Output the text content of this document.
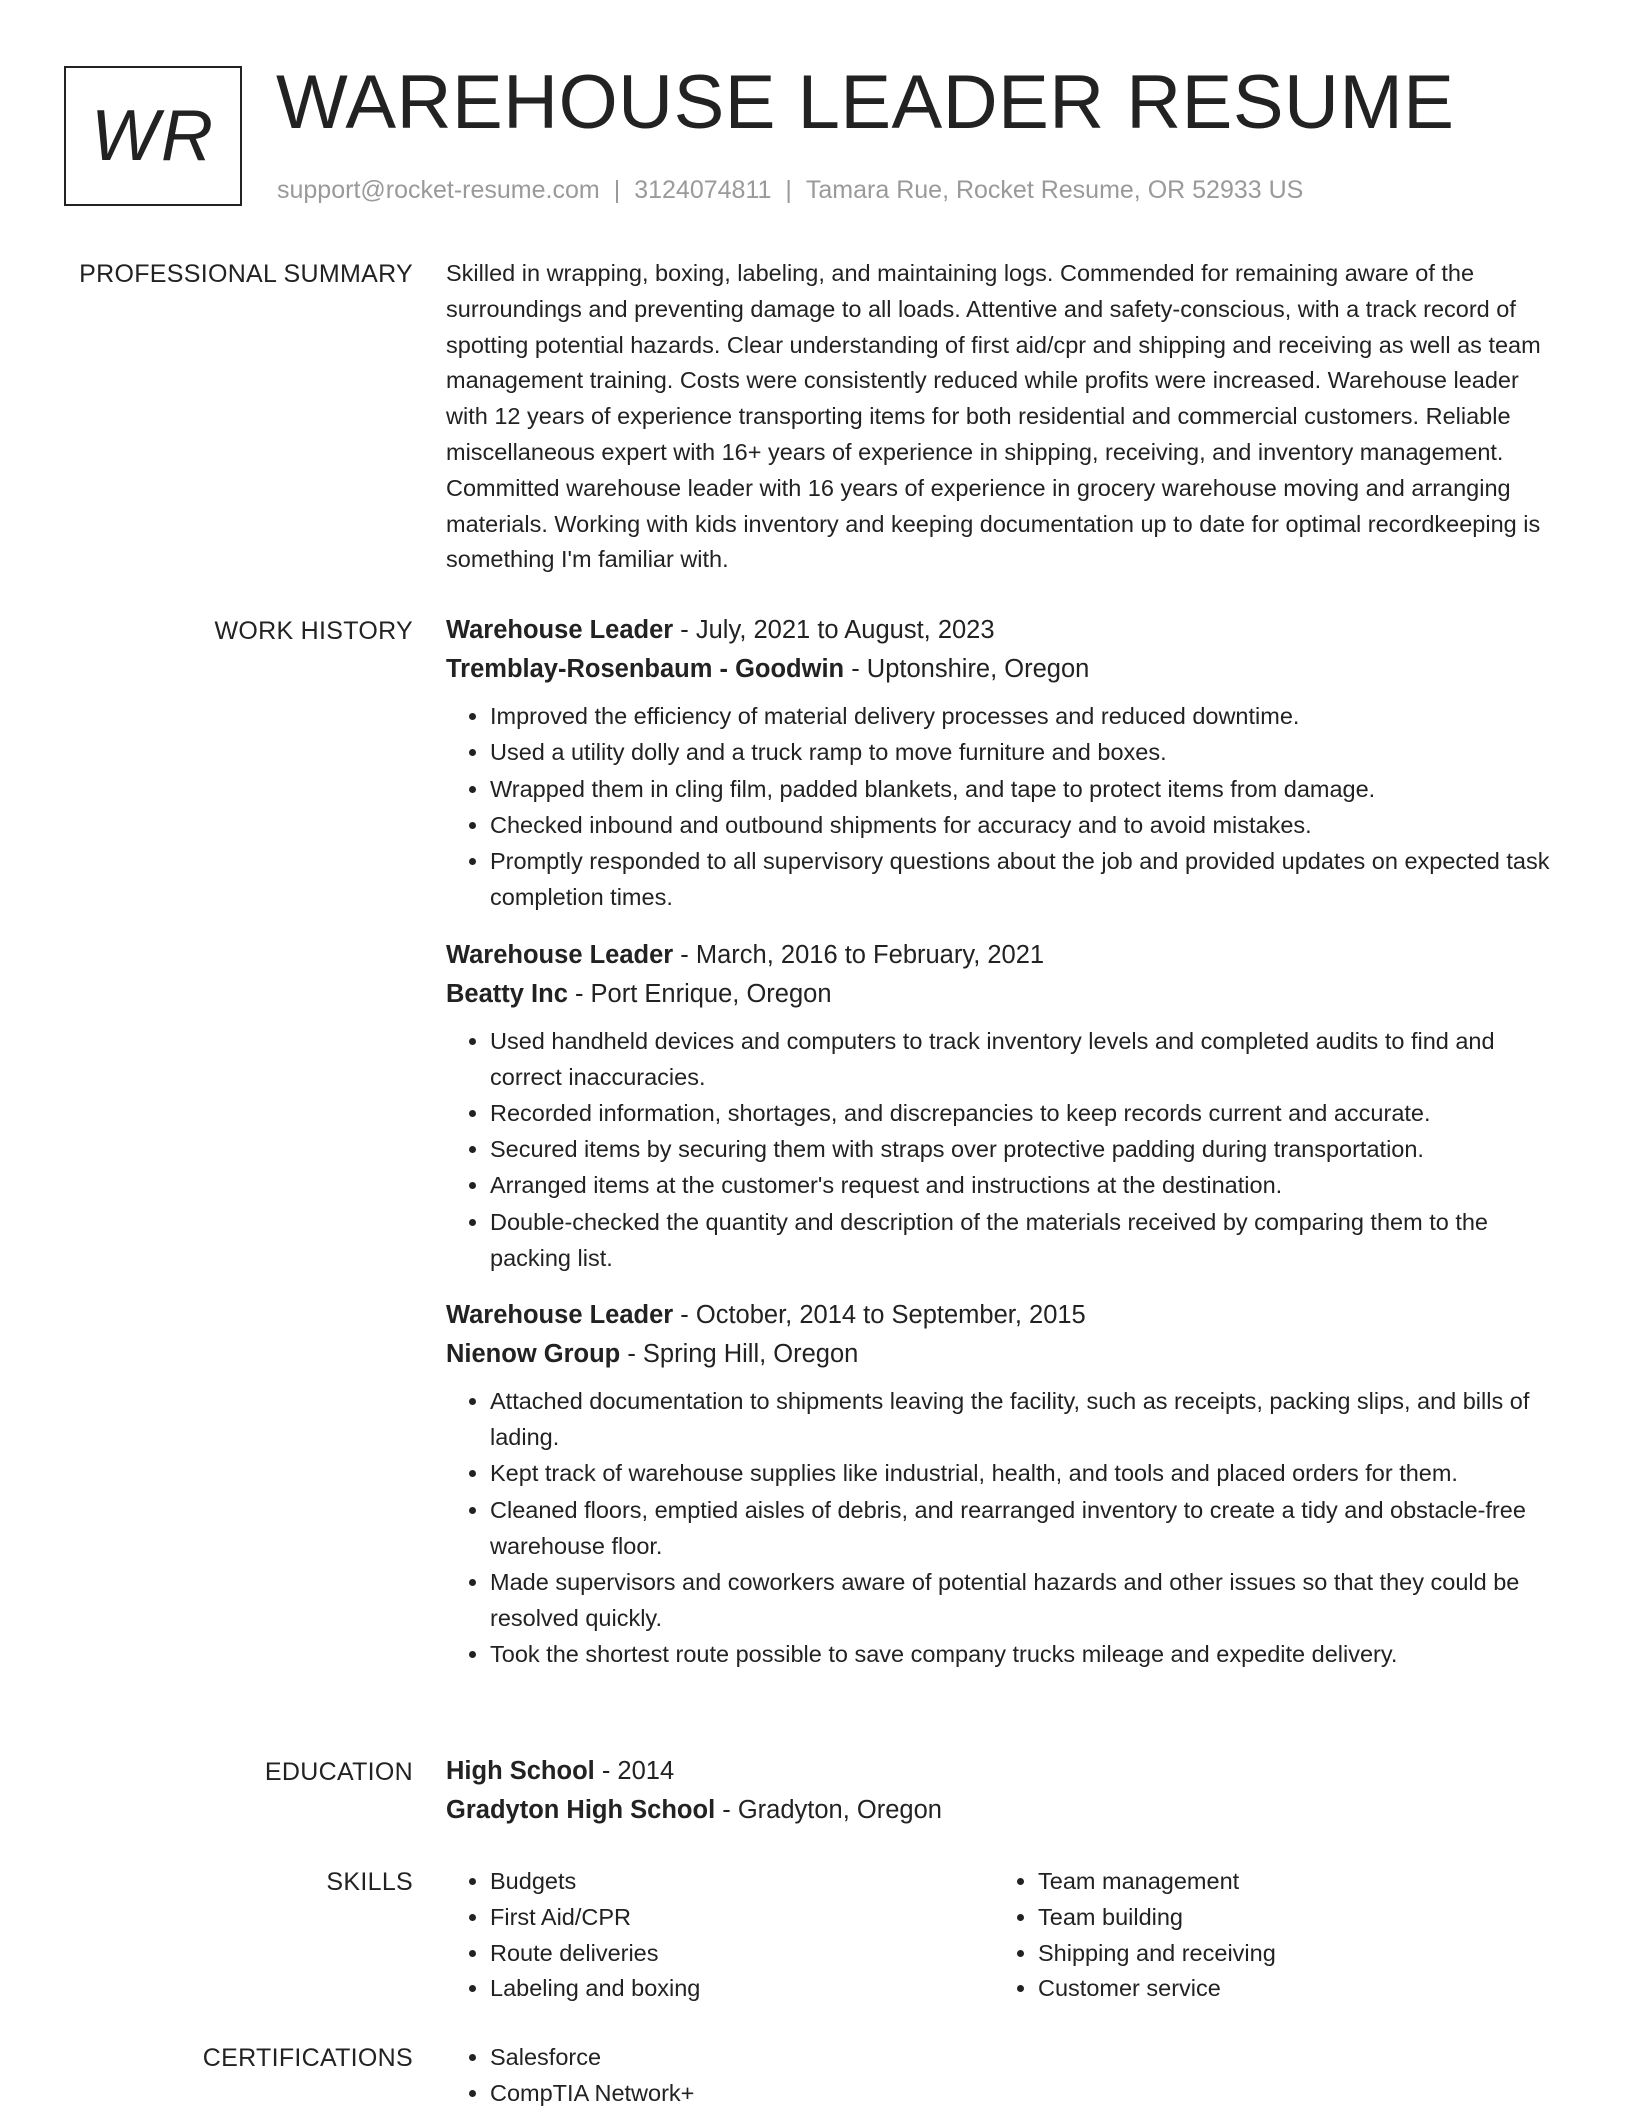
WR WAREHOUSE LEADER RESUME
support@rocket-resume.com | 3124074811 | Tamara Rue, Rocket Resume, OR 52933 US
PROFESSIONAL SUMMARY Skilled in wrapping, boxing, labeling, and maintaining logs. Commended for remaining aware of the surroundings and preventing damage to all loads. Attentive and safety-conscious, with a track record of spotting potential hazards. Clear understanding of first aid/cpr and shipping and receiving as well as team management training. Costs were consistently reduced while profits were increased. Warehouse leader with 12 years of experience transporting items for both residential and commercial customers. Reliable miscellaneous expert with 16+ years of experience in shipping, receiving, and inventory management. Committed warehouse leader with 16 years of experience in grocery warehouse moving and arranging materials. Working with kids inventory and keeping documentation up to date for optimal recordkeeping is something I'm familiar with.

WORK HISTORY Warehouse Leader - July, 2021 to August, 2023
Tremblay-Rosenbaum - Goodwin - Uptonshire, Oregon
• Improved the efficiency of material delivery processes and reduced downtime.
• Used a utility dolly and a truck ramp to move furniture and boxes.
• Wrapped them in cling film, padded blankets, and tape to protect items from damage.
• Checked inbound and outbound shipments for accuracy and to avoid mistakes.
• Promptly responded to all supervisory questions about the job and provided updates on expected task completion times.
Warehouse Leader - March, 2016 to February, 2021
Beatty Inc - Port Enrique, Oregon
• Used handheld devices and computers to track inventory levels and completed audits to find and correct inaccuracies.
• Recorded information, shortages, and discrepancies to keep records current and accurate.
• Secured items by securing them with straps over protective padding during transportation.
• Arranged items at the customer's request and instructions at the destination.
• Double-checked the quantity and description of the materials received by comparing them to the packing list.
Warehouse Leader - October, 2014 to September, 2015
Nienow Group - Spring Hill, Oregon
• Attached documentation to shipments leaving the facility, such as receipts, packing slips, and bills of lading.
• Kept track of warehouse supplies like industrial, health, and tools and placed orders for them.
• Cleaned floors, emptied aisles of debris, and rearranged inventory to create a tidy and obstacle-free warehouse floor.
• Made supervisors and coworkers aware of potential hazards and other issues so that they could be resolved quickly.
• Took the shortest route possible to save company trucks mileage and expedite delivery.
EDUCATION High School - 2014
Gradyton High School - Gradyton, Oregon
SKILLS	• Budgets
• First Aid/CPR
• Route deliveries
• Labeling and boxing
• Team management
• Team building
• Shipping and receiving
• Customer service
CERTIFICATIONS	• Salesforce
• CompTIA Network+
